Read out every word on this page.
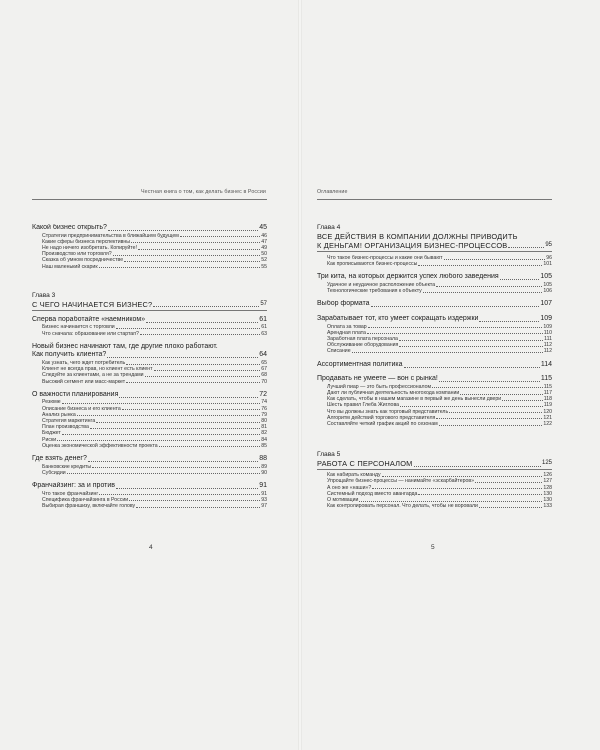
Честная книга о том, как делать бизнес в России
Какой бизнес открыть?	45
Стратегии предпринимательства в ближайшем будущем	46
Какие сферы бизнеса перспективны	47
Не надо ничего изобретать. Копируйте!	49
Производство или торговля?	50
Сказка об умном посредничестве	52
Наш маленький скарик	55
Глава 3
С ЧЕГО НАЧИНАЕТСЯ БИЗНЕС?	57
Сперва поработайте «наемником»	61
Бизнес начинается с торговли	61
Что сначала: образование или стартап?	63
Новый бизнес начинают там, где другие плохо работают.
Как получить клиента?	64
Как узнать, чего ждет потребитель	65
Клиент не всегда прав, но клиент есть клиент	67
Следуйте за клиентами, а не за трендами	68
Высокий сегмент или масс-маркет	70
О важности планирования	72
Резюме	74
Описание бизнеса и его клиента	76
Анализ рынка	79
Стратегия маркетинга	80
План производства	81
Бюджет	82
Риски	84
Оценка экономической эффективности проекта	85
Где взять денег?	88
Банковские кредиты	89
Субсидии	90
Франчайзинг: за и против	91
Что такое франчайзинг	91
Специфика франчайзинга в России	93
Выбирая франшизу, включайте голову	97
4
Оглавление
Глава 4
ВСЕ ДЕЙСТВИЯ В КОМПАНИИ ДОЛЖНЫ ПРИВОДИТЬ
К ДЕНЬГАМ! ОРГАНИЗАЦИЯ БИЗНЕС-ПРОЦЕССОВ	95
Что такое бизнес-процессы и какие они бывают	96
Как прописываются бизнес-процессы	101
Три кита, на которых держится успех любого заведения	105
Удачное и неудачное расположение объекта	105
Технологические требования к объекту	106
Выбор формата	107
Зарабатывает тот, кто умеет сокращать издержки	109
Оплата за товар	109
Арендная плата	110
Заработная плата персонала	111
Обслуживание оборудования	112
Списание	112
Ассортиментная политика	114
Продавать не умеете — вон с рынка!	115
Лучший пиар — это быть профессионалом	115
Дают ли публичная деятельность многохода компании	117
Как сделать, чтобы в нашем магазине в первый же день вынесли двери	118
Шесть правил Глеба Жиглова	119
Что вы должны знать как торговый представитель	120
Алгоритм действий торгового представителя	121
Составляйте четкий график акций по сезонам	122
Глава 5
РАБОТА С ПЕРСОНАЛОМ	125
Как набирать команду	126
Упрощайте бизнес-процессы — нанимайте «эскарбайтеров»	127
А оно же «наши»?	128
Системный подход вместо авангарда	130
О мотивации	130
Как контролировать персонал. Что делать, чтобы не воровали	133
5
